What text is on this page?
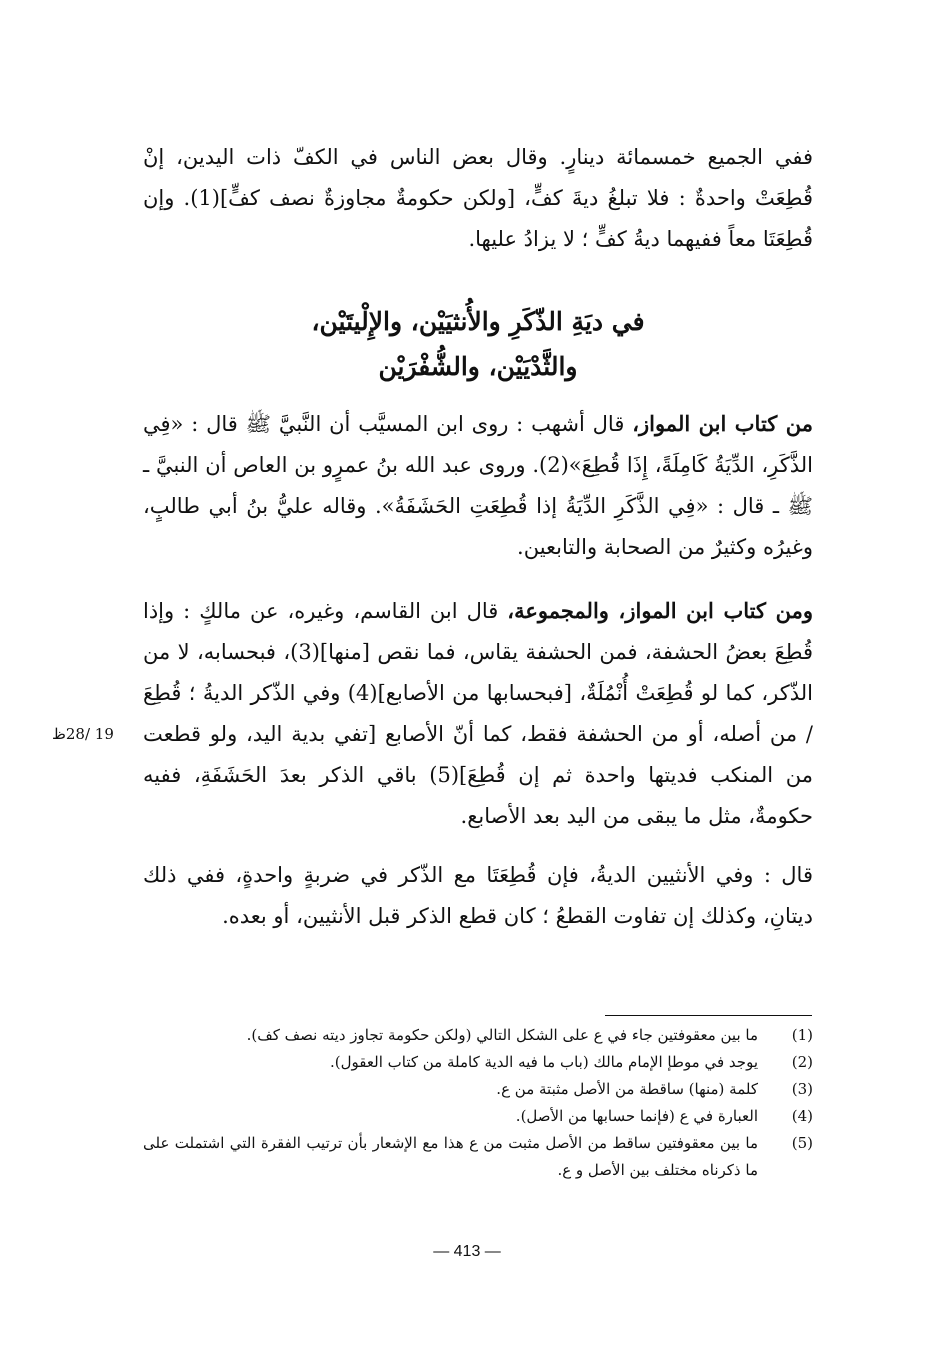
ففي الجميع خمسمائة دينارٍ. وقال بعض الناس في الكفّ ذات اليدين، إنْ قُطِعَتْ واحدةٌ : فلا تبلغُ ديةَ كفٍّ، [ولكن حكومةٌ مجاوزةٌ نصف كفٍّ](1). وإن قُطِعَتَا معاً ففيهما ديةُ كفٍّ ؛ لا يزادُ عليها.

في ديَةِ الذّكَرِ والأُنثيَيْن، والإِلْيتَيْن،
والثَّدْيَيْن، والشُّفْرَيْن

من كتاب ابن المواز، قال أشهب : روى ابن المسيَّب أن النَّبيَّ ﷺ قال : «فِي الذَّكَرِ، الدِّيَةُ كَامِلَةً، إِذَا قُطِعَ»(2). وروى عبد الله بنُ عمرٍو بن العاص أن النبيَّ ـ ﷺ ـ قال : «فِي الذَّكَرِ الدِّيَةُ إذا قُطِعَتِ الحَشَفَةُ». وقاله عليُّ بنُ أبي طالبٍ، وغيرُه وكثيرٌ من الصحابة والتابعين.

ومن كتاب ابن المواز، والمجموعة، قال ابن القاسم، وغيره، عن مالكٍ : وإذا قُطِعَ بعضُ الحشفة، فمن الحشفة يقاس، فما نقص [منها](3)، فبحسابه، لا من الذّكر، كما لو قُطِعَتْ أُنْمُلَةٌ، [فبحسابها من الأصابع](4) وفي الذّكر الديةُ ؛ قُطِعَ / من أصله، أو من الحشفة فقط، كما أنّ الأصابع [تفي بدية اليد، ولو قطعت من المنكب فديتها واحدة ثم إن قُطِعَ](5) باقي الذكر بعدَ الحَشَفَةِ، ففيه حكومةٌ، مثل ما يبقى من اليد بعد الأصابع.

19 /28ظ

قال : وفي الأنثيين الديةُ، فإن قُطِعَتَا مع الذّكر في ضربةٍ واحدةٍ، ففي ذلك ديتانِ، وكذلك إن تفاوت القطعُ ؛ كان قطع الذكر قبل الأنثيين، أو بعده.

(1)
ما بين معقوفتين جاء في ع على الشكل التالي (ولكن حكومة تجاوز ديته نصف كف).
(2)
يوجد في موطإ الإمام مالك (باب ما فيه الدية كاملة من كتاب العقول).
(3)
كلمة (منها) ساقطة من الأصل مثبتة من ع.
(4)
العبارة في ع (فإنما حسابها من الأصل).
(5)
ما بين معقوفتين ساقط من الأصل مثبت من ع هذا مع الإشعار بأن ترتيب الفقرة التي اشتملت على ما ذكرناه مختلف بين الأصل و ع.
— 413 —
